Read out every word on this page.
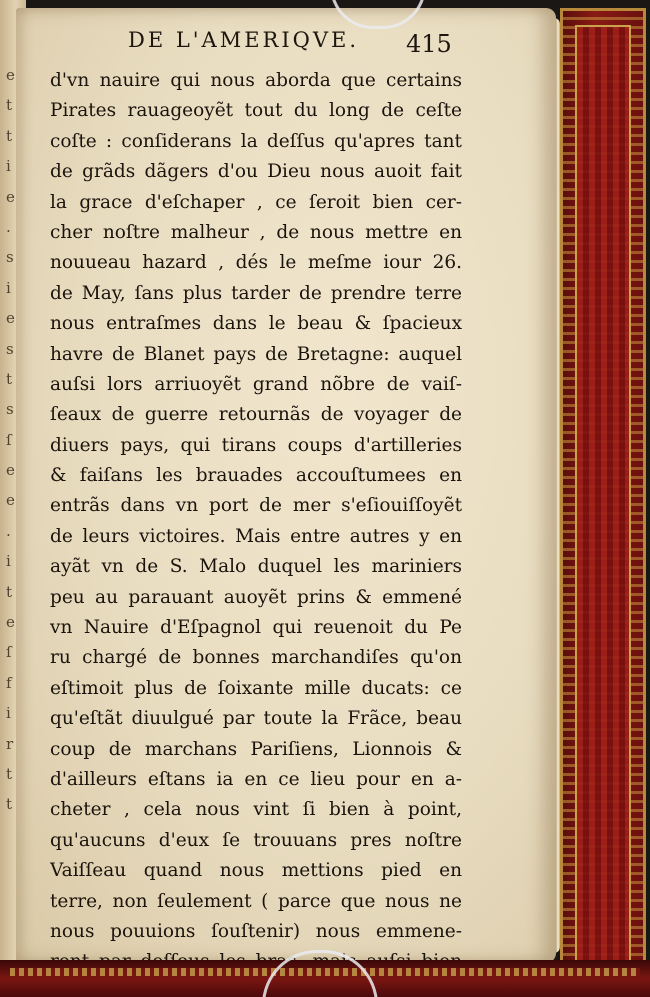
e
t
t
i
e
.
s
i
e
s
t
s
ſ
e
e
.
i
t
e
ſ
f
i
r
t
t
DE L'AMERIQVE.	415
d'vn nauire qui nous aborda que certains
Pirates rauageoyẽt tout du long de ceſte
coſte : conſiderans la deſſus qu'apres tant
de grãds dãgers d'ou Dieu nous auoit fait
la grace d'eſchaper , ce ſeroit bien cer-
cher noſtre malheur , de nous mettre en
nouueau hazard , dés le meſme iour 26.
de May, ſans plus tarder de prendre terre
nous entraſmes dans le beau & ſpacieux
havre de Blanet pays de Bretagne: auquel
auſsi lors arriuoyẽt grand nõbre de vaiſ-
ſeaux de guerre retournãs de voyager de
diuers pays, qui tirans coups d'artilleries
& faiſans les brauades accouſtumees en
entrãs dans vn port de mer s'eſiouiſſoyẽt
de leurs victoires. Mais entre autres y en
ayãt vn de S. Malo duquel les mariniers
peu au parauant auoyẽt prins & emmené
vn Nauire d'Eſpagnol qui reuenoit du Pe
ru chargé de bonnes marchandiſes qu'on
eſtimoit plus de ſoixante mille ducats: ce
qu'eſtãt diuulgué par toute la Frãce, beau
coup de marchans Pariſiens, Lionnois &
d'ailleurs eſtans ia en ce lieu pour en a-
cheter , cela nous vint ſi bien à point,
qu'aucuns d'eux ſe trouuans pres noſtre
Vaiſſeau quand nous mettions pied en
terre, non ſeulement ( parce que nous ne
nous pouuions ſouſtenir) nous emmene-
